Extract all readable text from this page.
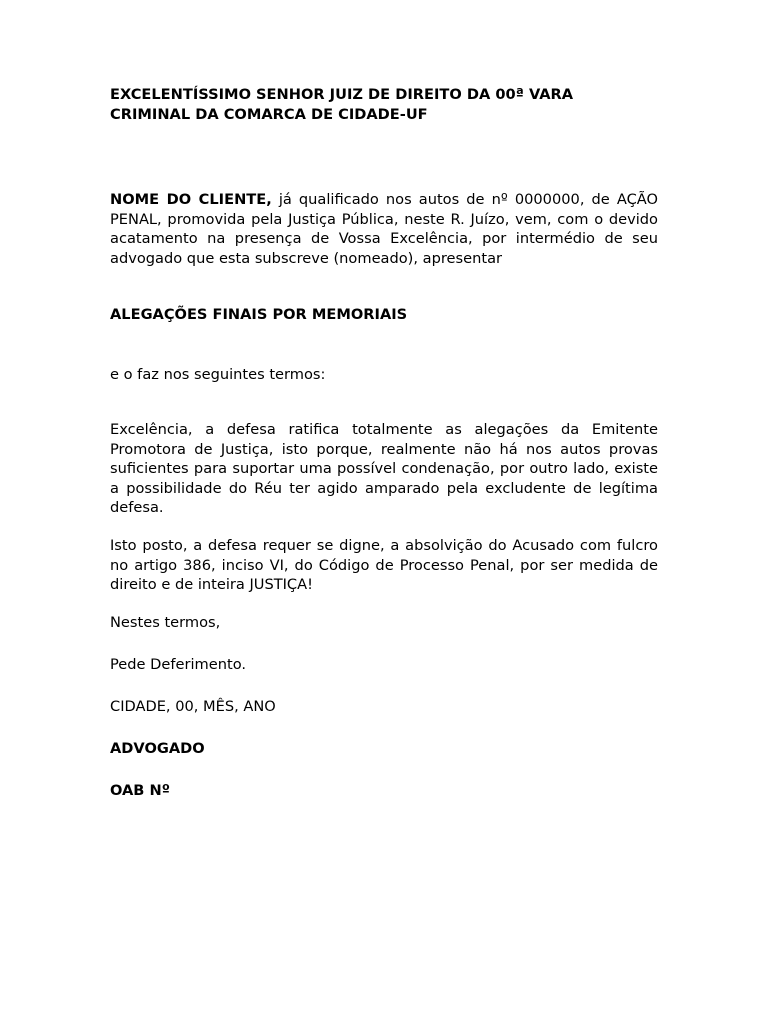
EXCELENTÍSSIMO SENHOR JUIZ DE DIREITO DA 00ª VARA CRIMINAL DA COMARCA DE CIDADE-UF

NOME DO CLIENTE, já qualificado nos autos de nº 0000000, de AÇÃO PENAL, promovida pela Justiça Pública, neste R. Juízo, vem, com o devido acatamento na presença de Vossa Excelência, por intermédio de seu advogado que esta subscreve (nomeado), apresentar

ALEGAÇÕES FINAIS POR MEMORIAIS

e o faz nos seguintes termos:

Excelência, a defesa ratifica totalmente as alegações da Emitente Promotora de Justiça, isto porque, realmente não há nos autos provas suficientes para suportar uma possível condenação, por outro lado, existe a possibilidade do Réu ter agido amparado pela excludente de legítima defesa.

Isto posto, a defesa requer se digne, a absolvição do Acusado com fulcro no artigo 386, inciso VI, do Código de Processo Penal, por ser medida de direito e de inteira JUSTIÇA!

Nestes termos,

Pede Deferimento.

CIDADE, 00, MÊS, ANO

ADVOGADO

OAB Nº
